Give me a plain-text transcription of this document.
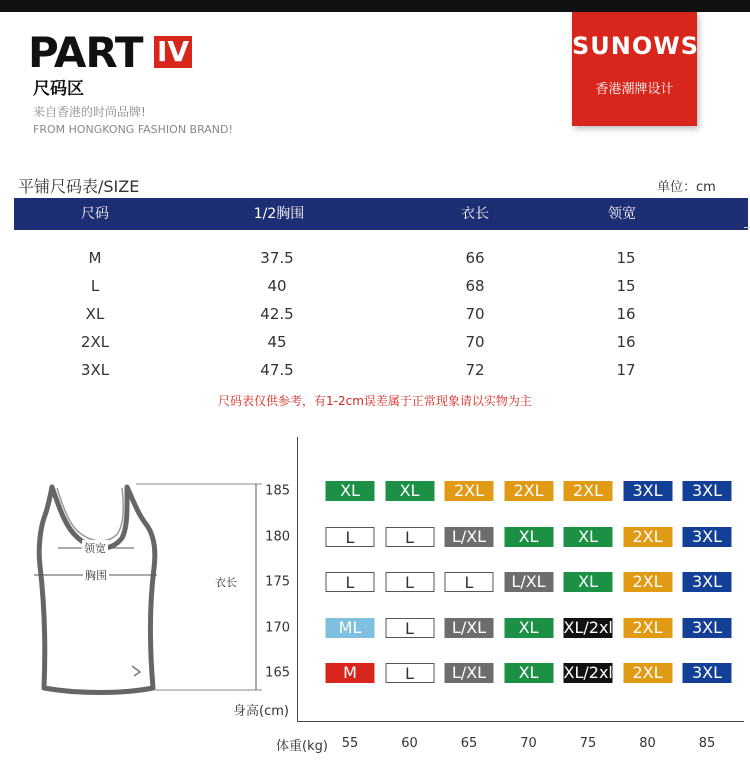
PART IV
尺码区
来自香港的时尚品牌!
FROM HONGKONG FASHION BRAND!
SUNOWS
香港潮牌设计
平铺尺码表/SIZE	单位：cm
尺码	1/2胸围	衣长	领宽
M	37.5	66	15
L	40	68	15
XL	42.5	70	16
2XL	45	70	16
3XL	47.5	72	17
尺码表仅供参考，有1-2cm误差属于正常现象请以实物为主
领宽
胸围
衣长
身高(cm)
体重(kg)
185
180
175
170
165
55	60	65	70	75	80	85
XL	XL	2XL	2XL	2XL	3XL	3XL
L	L	L/XL	XL	XL	2XL	3XL
L	L	L	L/XL	XL	2XL	3XL
ML	L	L/XL	XL	XL/2xl	2XL	3XL
M	L	L/XL	XL	XL/2xl	2XL	3XL
